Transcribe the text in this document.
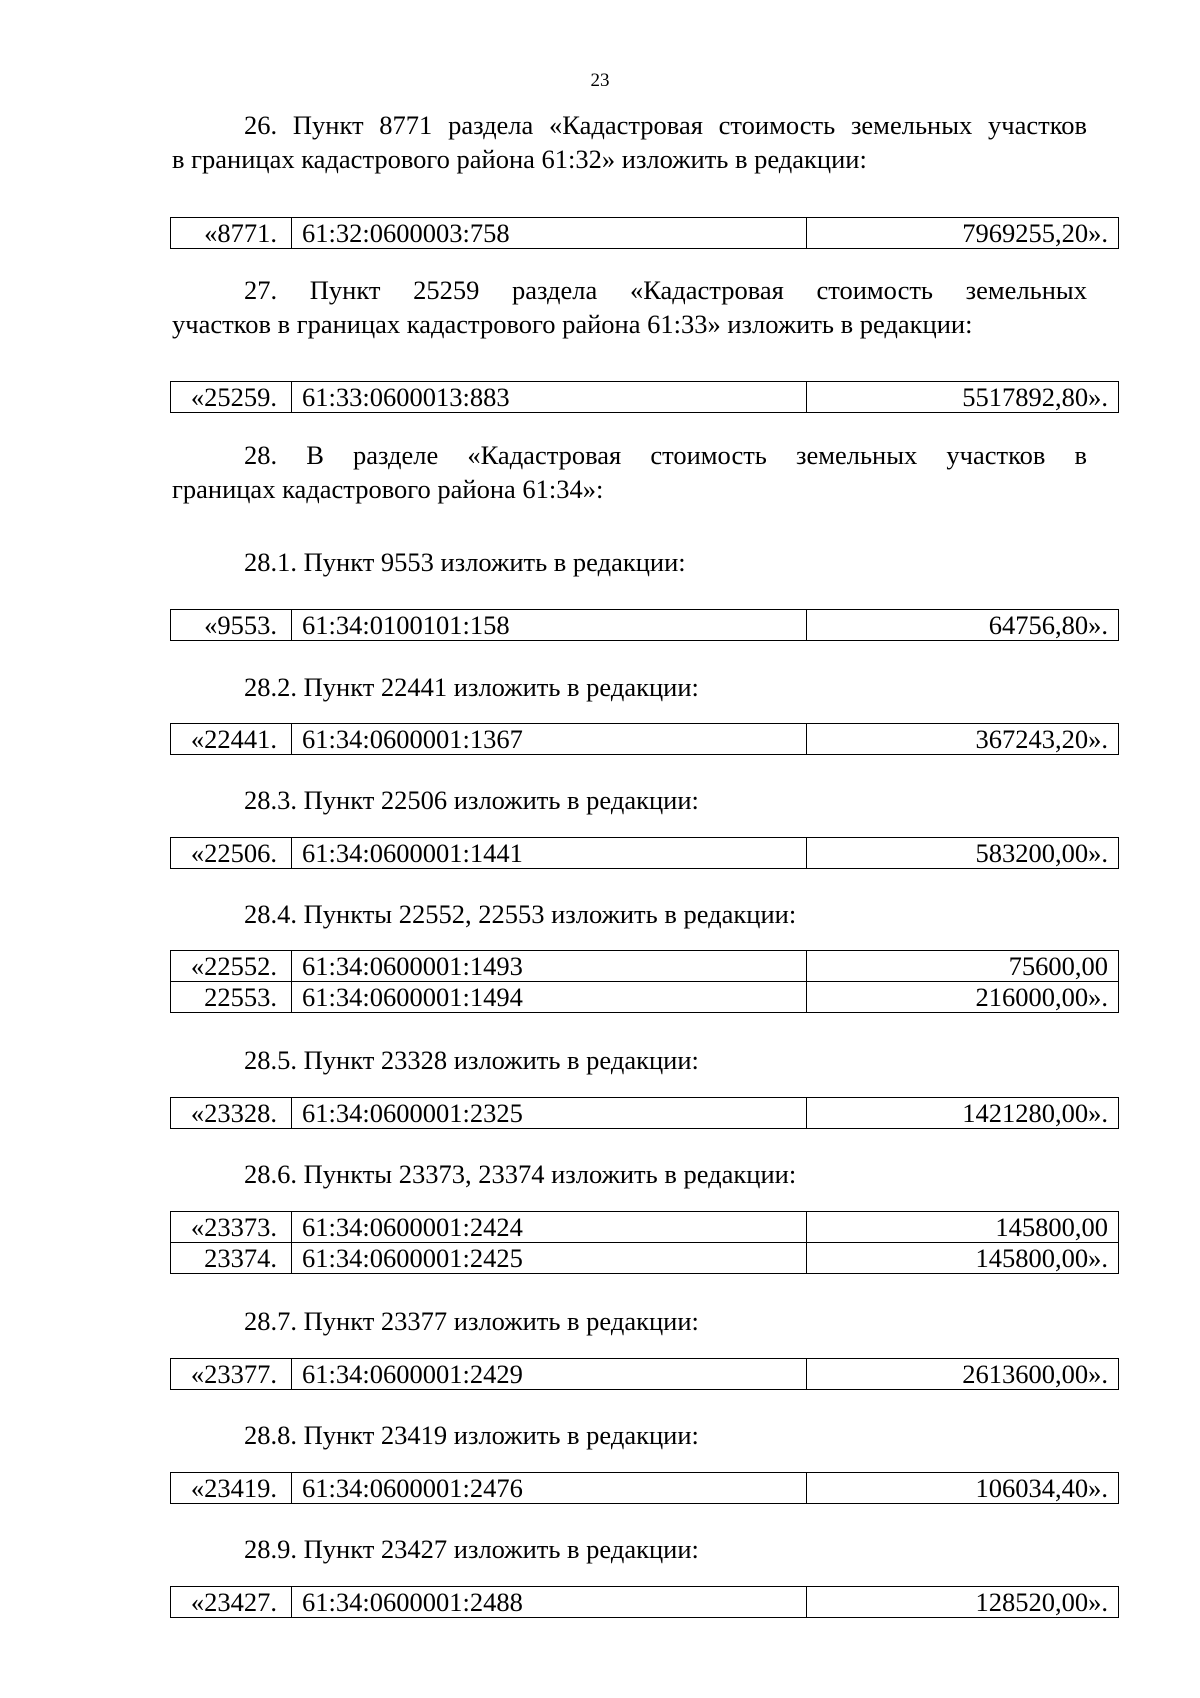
23
26. Пункт 8771 раздела «Кадастровая стоимость земельных участков
в границах кадастрового района 61:32» изложить в редакции:
«8771.	61:32:0600003:758	7969255,20».
27. Пункт 25259 раздела «Кадастровая стоимость земельных
участков в границах кадастрового района 61:33» изложить в редакции:
«25259.	61:33:0600013:883	5517892,80».
28. В разделе «Кадастровая стоимость земельных участков в
границах кадастрового района 61:34»:
28.1. Пункт 9553 изложить в редакции:
«9553.	61:34:0100101:158	64756,80».
28.2. Пункт 22441 изложить в редакции:
«22441.	61:34:0600001:1367	367243,20».
28.3. Пункт 22506 изложить в редакции:
«22506.	61:34:0600001:1441	583200,00».
28.4. Пункты 22552, 22553 изложить в редакции:
«22552.	61:34:0600001:1493	75600,00
22553.	61:34:0600001:1494	216000,00».
28.5. Пункт 23328 изложить в редакции:
«23328.	61:34:0600001:2325	1421280,00».
28.6. Пункты 23373, 23374 изложить в редакции:
«23373.	61:34:0600001:2424	145800,00
23374.	61:34:0600001:2425	145800,00».
28.7. Пункт 23377 изложить в редакции:
«23377.	61:34:0600001:2429	2613600,00».
28.8. Пункт 23419 изложить в редакции:
«23419.	61:34:0600001:2476	106034,40».
28.9. Пункт 23427 изложить в редакции:
«23427.	61:34:0600001:2488	128520,00».
